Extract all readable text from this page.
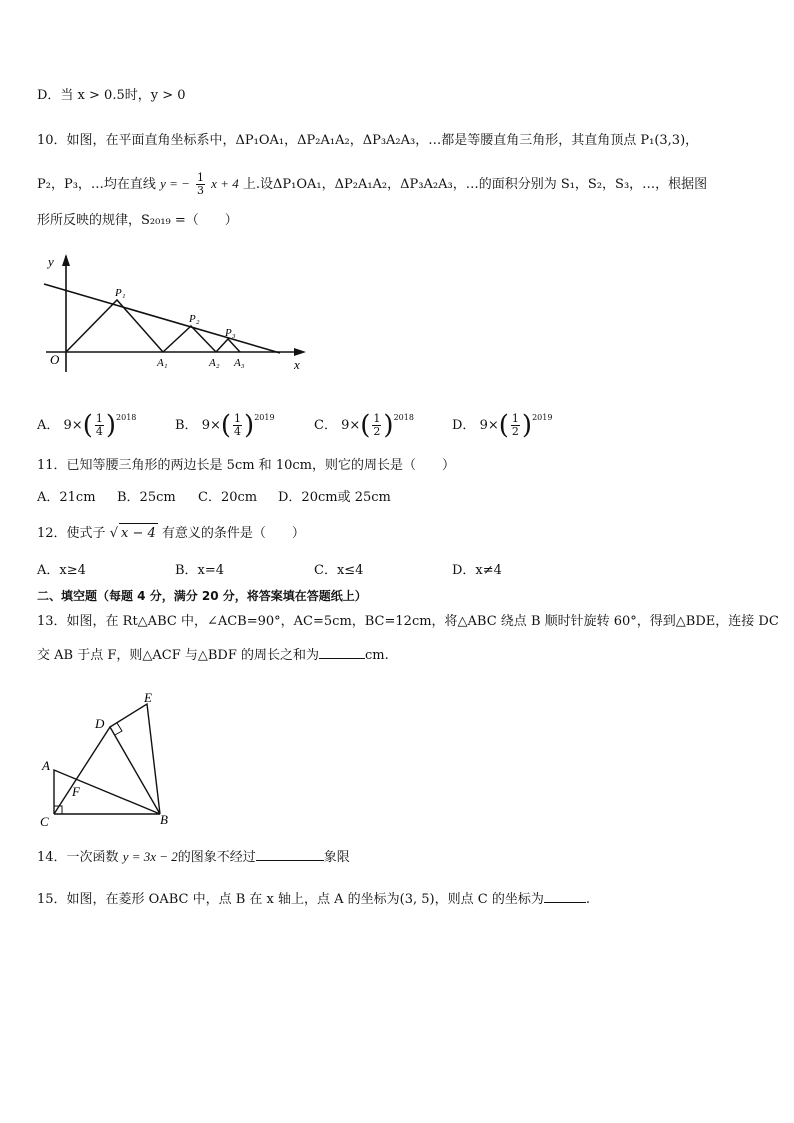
D．当 x > 0.5时，y > 0
10．如图，在平面直角坐标系中，ΔP₁OA₁，ΔP₂A₁A₂，ΔP₃A₂A₃，…都是等腰直角三角形，其直角顶点 P₁(3,3)，
P₂，P₃，…均在直线 y = − $\frac{1}{3}$ x + 4 上.设ΔP₁OA₁，ΔP₂A₁A₂，ΔP₃A₂A₃，…的面积分别为 S₁，S₂，S₃，…，根据图
形所反映的规律，S₂₀₁₉ =（　　）
y
x
O
P₁
P₂
P₃
A₁	A₂ A₃
A． $9\times( \frac{1}{4} )^{2018}$
B． $9\times( \frac{1}{4} )^{2019}$
C． $9\times( \frac{1}{2} )^{2018}$
D． $9\times( \frac{1}{2} )^{2019}$
11．已知等腰三角形的两边长是 5cm 和 10cm，则它的周长是（　　）
A．21cm B．25cm C．20cm D．20cm或 25cm
12．使式子 √ x − 4 有意义的条件是（　　）
A．x≥4	B．x=4	C．x≤4	D．x≠4
二、填空题（每题 4 分，满分 20 分，将答案填在答题纸上）
13．如图，在 Rt△ABC 中，∠ACB=90°，AC=5cm，BC=12cm，将△ABC 绕点 B 顺时针旋转 60°，得到△BDE，连接 DC
交 AB 于点 F，则△ACF 与△BDF 的周长之和为	cm.
A
B
C
D
E
F
14．一次函数 y = 3x − 2的图象不经过	象限
15．如图，在菱形 OABC 中，点 B 在 x 轴上，点 A 的坐标为(3, 5)，则点 C 的坐标为	.
